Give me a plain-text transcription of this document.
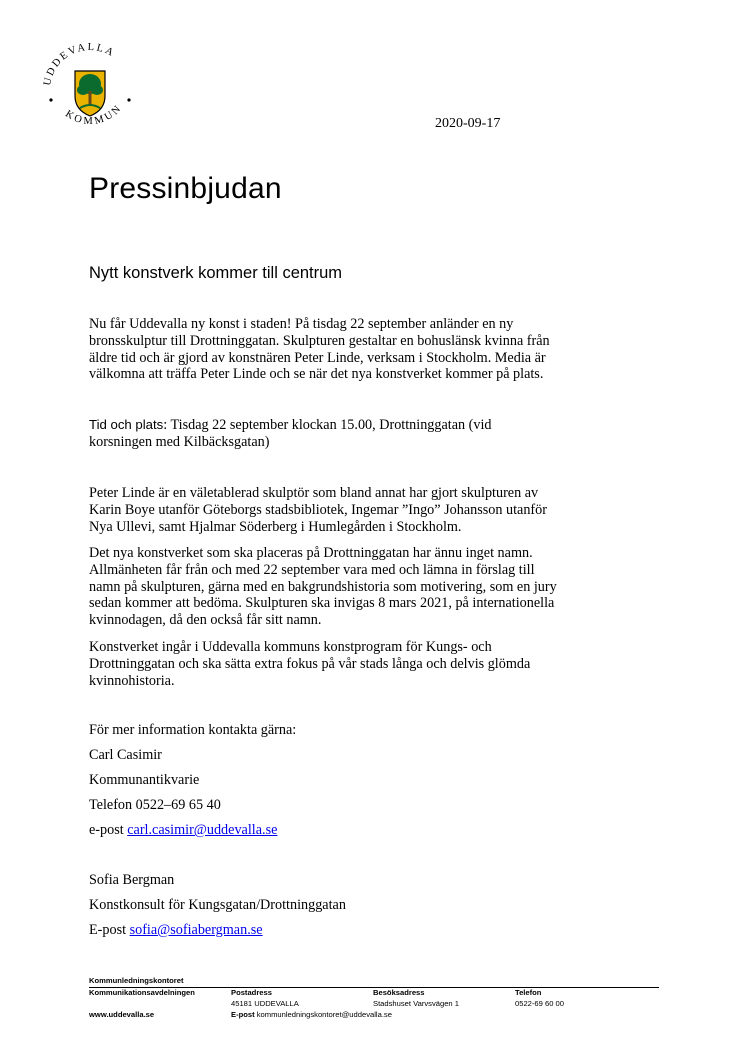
UDDEVALLA
KOMMUN
2020-09-17
Pressinbjudan
Nytt konstverk kommer till centrum

Nu får Uddevalla ny konst i staden! På tisdag 22 september anländer en ny
bronsskulptur till Drottninggatan. Skulpturen gestaltar en bohuslänsk kvinna från
äldre tid och är gjord av konstnären Peter Linde, verksam i Stockholm. Media är
välkomna att träffa Peter Linde och se när det nya konstverket kommer på plats.

Tid och plats: Tisdag 22 september klockan 15.00, Drottninggatan (vid
korsningen med Kilbäcksgatan)

Peter Linde är en väletablerad skulptör som bland annat har gjort skulpturen av
Karin Boye utanför Göteborgs stadsbibliotek, Ingemar ”Ingo” Johansson utanför
Nya Ullevi, samt Hjalmar Söderberg i Humlegården i Stockholm.

Det nya konstverket som ska placeras på Drottninggatan har ännu inget namn.
Allmänheten får från och med 22 september vara med och lämna in förslag till
namn på skulpturen, gärna med en bakgrundshistoria som motivering, som en jury
sedan kommer att bedöma. Skulpturen ska invigas 8 mars 2021, på internationella
kvinnodagen, då den också får sitt namn.

Konstverket ingår i Uddevalla kommuns konstprogram för Kungs- och
Drottninggatan och ska sätta extra fokus på vår stads långa och delvis glömda
kvinnohistoria.

För mer information kontakta gärna:
Carl Casimir
Kommunantikvarie
Telefon 0522–69 65 40
e-post carl.casimir@uddevalla.se
Sofia Bergman
Konstkonsult för Kungsgatan/Drottninggatan
E-post sofia@sofiabergman.se
Kommunledningskontoret
Kommunikationsavdelningen
www.uddevalla.se
Postadress
45181 UDDEVALLA
E-post kommunledningskontoret@uddevalla.se
Besöksadress
Stadshuset Varvsvägen 1
Telefon
0522-69 60 00
